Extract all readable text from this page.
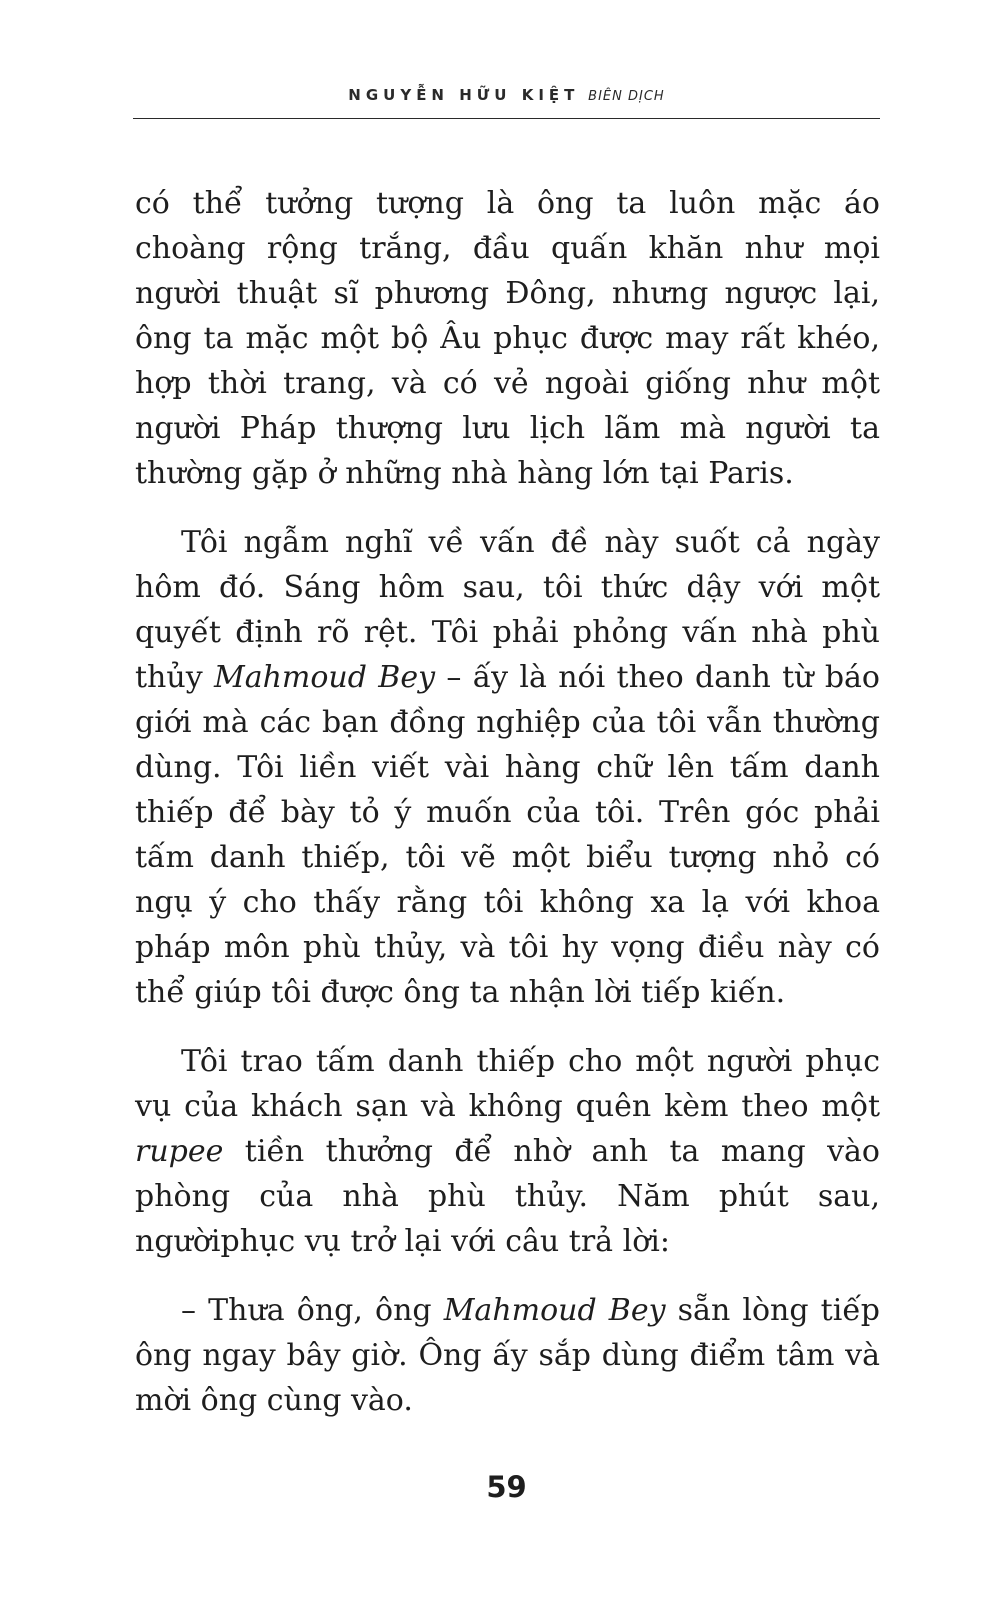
NGUYỄN HỮU KIỆT BIÊN DỊCH

có thể tưởng tượng là ông ta luôn mặc áo choàng rộng trắng, đầu quấn khăn như mọi người thuật sĩ phương Đông, nhưng ngược lại, ông ta mặc một bộ Âu phục được may rất khéo, hợp thời trang, và có vẻ ngoài giống như một người Pháp thượng lưu lịch lãm mà người ta thường gặp ở những nhà hàng lớn tại Paris.

Tôi ngẫm nghĩ về vấn đề này suốt cả ngày hôm đó. Sáng hôm sau, tôi thức dậy với một quyết định rõ rệt. Tôi phải phỏng vấn nhà phù thủy Mahmoud Bey – ấy là nói theo danh từ báo giới mà các bạn đồng nghiệp của tôi vẫn thường dùng. Tôi liền viết vài hàng chữ lên tấm danh thiếp để bày tỏ ý muốn của tôi. Trên góc phải tấm danh thiếp, tôi vẽ một biểu tượng nhỏ có ngụ ý cho thấy rằng tôi không xa lạ với khoa pháp môn phù thủy, và tôi hy vọng điều này có thể giúp tôi được ông ta nhận lời tiếp kiến.

Tôi trao tấm danh thiếp cho một người phục vụ của khách sạn và không quên kèm theo một rupee tiền thưởng để nhờ anh ta mang vào phòng của nhà phù thủy. Năm phút sau, ngườiphục vụ trở lại với câu trả lời:

– Thưa ông, ông Mahmoud Bey sẵn lòng tiếp ông ngay bây giờ. Ông ấy sắp dùng điểm tâm và mời ông cùng vào.

59
